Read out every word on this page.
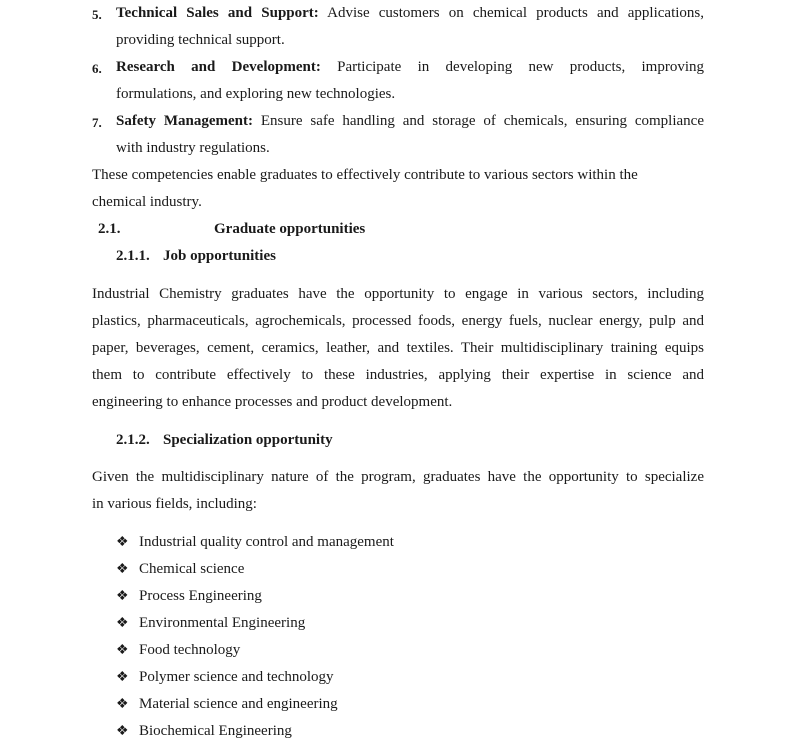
5. Technical Sales and Support: Advise customers on chemical products and applications,
providing technical support.
6. Research and Development: Participate in developing new products, improving
formulations, and exploring new technologies.
7. Safety Management: Ensure safe handling and storage of chemicals, ensuring compliance
with industry regulations.
These competencies enable graduates to effectively contribute to various sectors within the
chemical industry.
2.1.	Graduate opportunities
2.1.1. Job opportunities
Industrial Chemistry graduates have the opportunity to engage in various sectors, including
plastics, pharmaceuticals, agrochemicals, processed foods, energy fuels, nuclear energy, pulp and
paper, beverages, cement, ceramics, leather, and textiles. Their multidisciplinary training equips
them to contribute effectively to these industries, applying their expertise in science and
engineering to enhance processes and product development.
2.1.2. Specialization opportunity
Given the multidisciplinary nature of the program, graduates have the opportunity to specialize
in various fields, including:
❖ Industrial quality control and management
❖ Chemical science
❖ Process Engineering
❖ Environmental Engineering
❖ Food technology
❖ Polymer science and technology
❖ Material science and engineering
❖ Biochemical Engineering
